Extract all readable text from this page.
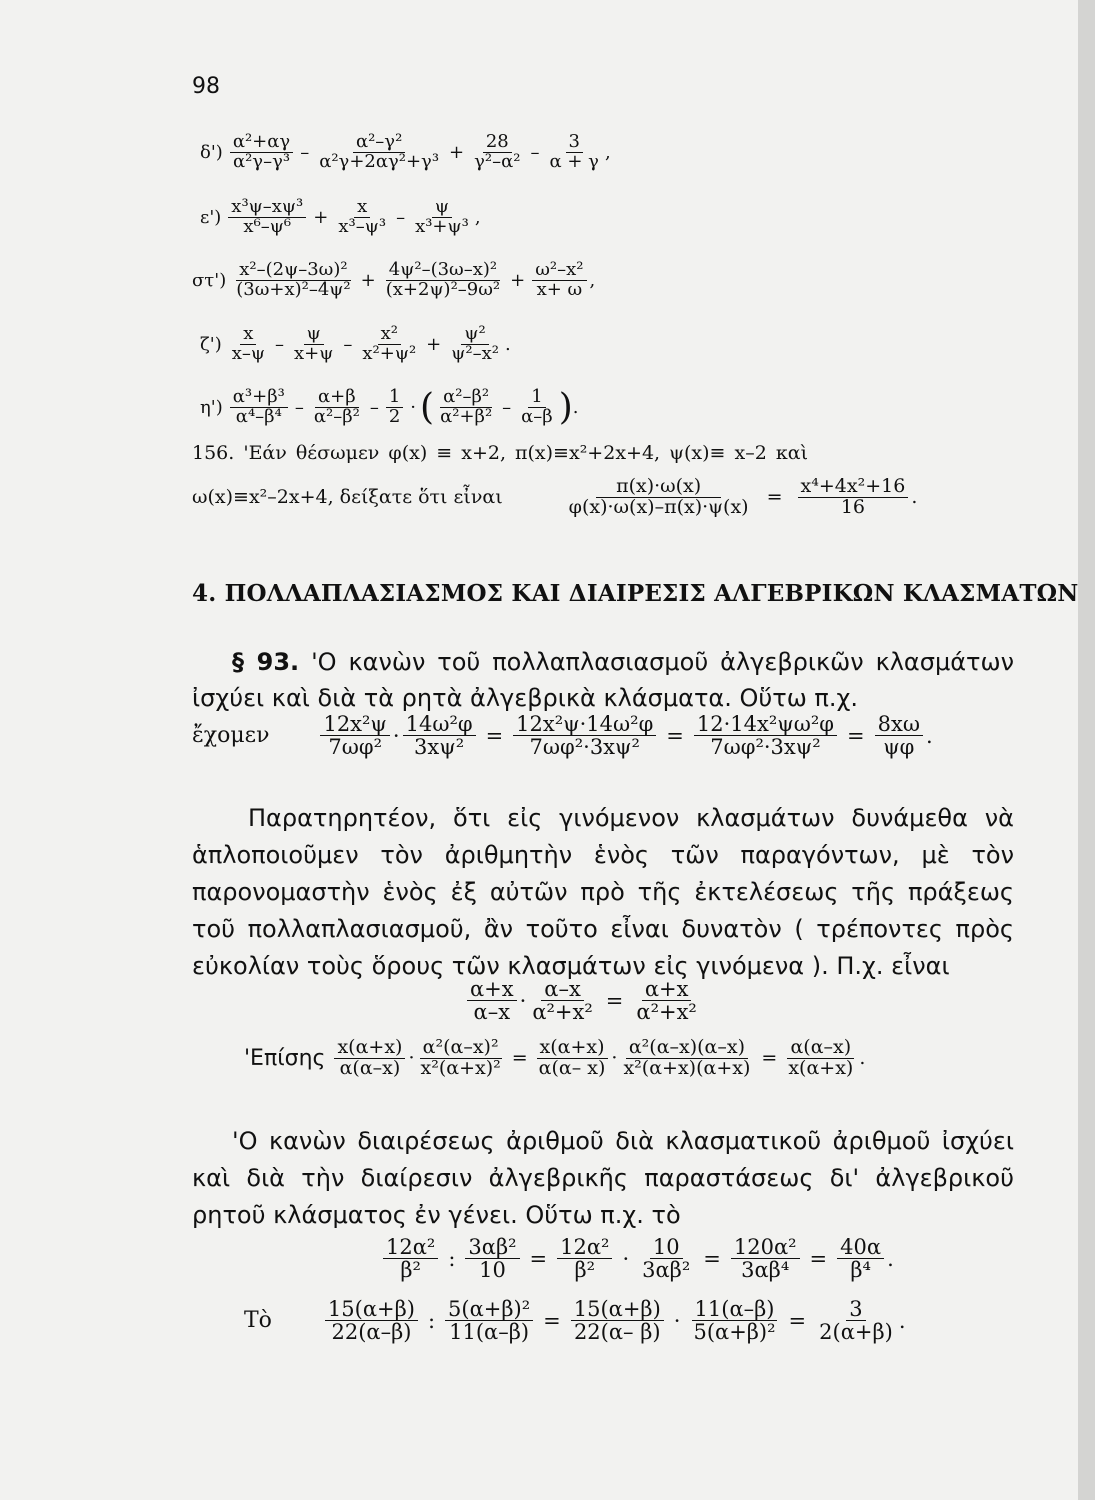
98
$\delta') \frac{\text{α²+αγ}}{\text{α²γ–γ³}} - \frac{\text{α²–γ²}}{\text{α²γ+2αγ²+γ³}} + \frac{28}{\text{γ²–α²}} - \frac{3}{\alpha + \gamma}$ ,
$\varepsilon') \frac{\text{x³ψ–xψ³}}{\text{x⁶–ψ⁶}} + \frac{x}{\text{x³–ψ³}} - \frac{\psi}{\text{x³+ψ³}}$ ,
$\sigma\tau') \frac{\text{x²–(2ψ–3ω)²}}{\text{(3ω+x)²–4ψ²}} + \frac{\text{4ψ²–(3ω–x)²}}{\text{(x+2ψ)²–9ω²}} + \frac{\text{ω²–x²}}{x+ \omega}$ ,
$\zeta') \frac{x}{x-\psi} - \frac{\psi}{x+\psi} - \frac{\text{x²}}{\text{x²+ψ²}} + \frac{\text{ψ²}}{\text{ψ²–x²}}$ .
$\eta') \frac{\text{α³+β³}}{\text{α⁴–β⁴}} - \frac{\alpha+\beta}{\text{α²–β²}} - \frac{1}{2}$ · ( $\frac{\text{α²–β²}}{\text{α²+β²}} - \frac{1}{\alpha-\beta}$ ) .
156. 'Εάν θέσωμεν φ(x) ≡ x+2, π(x)≡x²+2x+4, ψ(x)≡ x–2 καὶ
ω(x)≡x²–2x+4, δείξατε ὅτι εἶναι	$\frac{\pi(x)\cdot\omega(x)}{\varphi(x)\cdot\omega(x)-\pi(x)\cdot\psi(x)} = \frac{\text{x⁴+4x²+16}}{16}$ .
4. ΠΟΛΛΑΠΛΑΣΙΑΣΜΟΣ ΚΑΙ ΔΙΑΙΡΕΣΙΣ ΑΛΓΕΒΡΙΚΩΝ ΚΛΑΣΜΑΤΩΝ
§ 93. 'Ο κανὼν τοῦ πολλαπλασιασμοῦ ἀλγεβρικῶν κλασμάτων ἰσχύει καὶ διὰ τὰ ρητὰ ἀλγεβρικὰ κλάσματα. Οὕτω π.χ.
ἔχομεν $\frac{\text{12x²ψ}}{\text{7ωφ²}} \cdot \frac{\text{14ω²φ}}{\text{3xψ²}} = \frac{\text{12x²ψ·14ω²φ}}{\text{7ωφ²·3xψ²}} = \frac{\text{12·14x²ψω²φ}}{\text{7ωφ²·3xψ²}} = \frac{8x\omega}{\psi\varphi}$ .
Παρατηρητέον, ὅτι εἰς γινόμενον κλασμάτων δυνάμεθα νὰ ἁπλοποιοῦμεν τὸν ἀριθμητὴν ἑνὸς τῶν παραγόντων, μὲ τὸν παρονομαστὴν ἑνὸς ἐξ αὐτῶν πρὸ τῆς ἐκτελέσεως τῆς πράξεως τοῦ πολλαπλασιασμοῦ, ἂν τοῦτο εἶναι δυνατὸν ( τρέποντες πρὸς εὐκολίαν τοὺς ὅρους τῶν κλασμάτων εἰς γινόμενα ). Π.χ. εἶναι
$\frac{\alpha+x}{\alpha-x} \cdot \frac{\alpha-x}{\text{α²+x²}} = \frac{\alpha+x}{\text{α²+x²}}$
'$E\pi ί\sigma\eta\varsigma \frac{x(\alpha+x)}{\alpha(\alpha-x)} \cdot \frac{\text{α²(α–x)²}}{\text{x²(α+x)²}} = \frac{x(\alpha+x)}{\alpha(\alpha- x)} \cdot \frac{\text{α²(α–x)(α–x)}}{\text{x²(α+x)(α+x)}} = \frac{\alpha(\alpha-x)}{x(\alpha+x)}$ .
'Ο κανὼν διαιρέσεως ἀριθμοῦ διὰ κλασματικοῦ ἀριθμοῦ ἰσχύει καὶ διὰ τὴν διαίρεσιν ἀλγεβρικῆς παραστάσεως δι' ἀλγεβρικοῦ ρητοῦ κλάσματος ἐν γένει. Οὕτω π.χ. τὸ
$\frac{\text{12α²}}{\text{β²}}$ : $\frac{\text{3αβ²}}{10} = \frac{\text{12α²}}{\text{β²}} \cdot \frac{10}{\text{3αβ²}} = \frac{\text{120α²}}{\text{3αβ⁴}} = \frac{40\alpha}{\text{β⁴}}$ .
Τὸ	$\frac{15(\alpha+\beta)}{22(\alpha-\beta)}$ : $\frac{\text{5(α+β)²}}{11(\alpha-\beta)} = \frac{15(\alpha+\beta)}{22(\alpha- \beta)} \cdot \frac{11(\alpha-\beta)}{\text{5(α+β)²}} = \frac{3}{2(\alpha+\beta)}$ .
